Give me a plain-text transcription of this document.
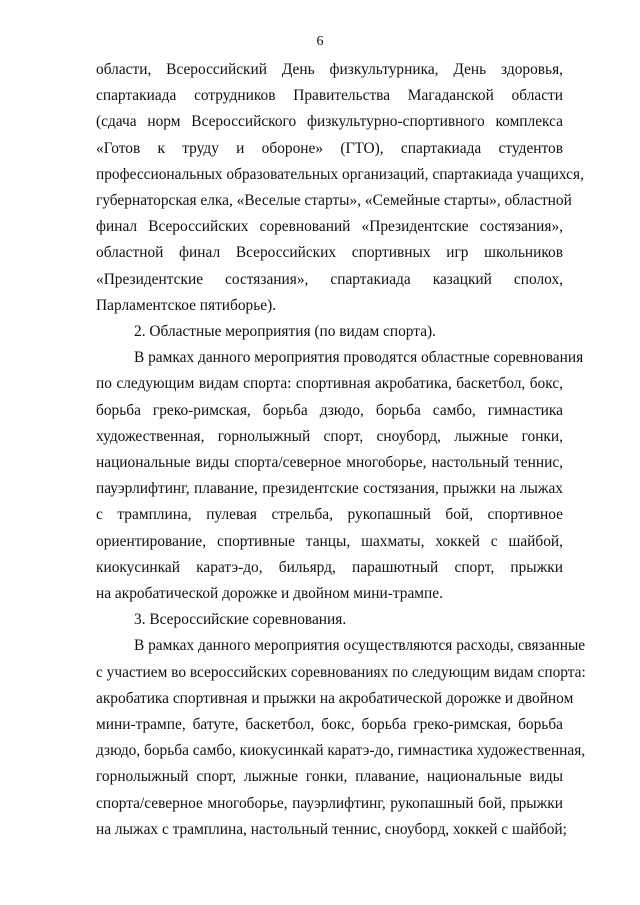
6
области, Всероссийский День физкультурника, День здоровья,
спартакиада сотрудников Правительства Магаданской области
(сдача норм Всероссийского физкультурно-спортивного комплекса
«Готов к труду и обороне» (ГТО), спартакиада студентов
профессиональных образовательных организаций, спартакиада учащихся,
губернаторская елка, «Веселые старты», «Семейные старты», областной
финал Всероссийских соревнований «Президентские состязания»,
областной финал Всероссийских спортивных игр школьников
«Президентские состязания», спартакиада казацкий сполох,
Парламентское пятиборье).
2. Областные мероприятия (по видам спорта).
В рамках данного мероприятия проводятся областные соревнования
по следующим видам спорта: спортивная акробатика, баскетбол, бокс,
борьба греко-римская, борьба дзюдо, борьба самбо, гимнастика
художественная, горнолыжный спорт, сноуборд, лыжные гонки,
национальные виды спорта/северное многоборье, настольный теннис,
пауэрлифтинг, плавание, президентские состязания, прыжки на лыжах
с трамплина, пулевая стрельба, рукопашный бой, спортивное
ориентирование, спортивные танцы, шахматы, хоккей с шайбой,
киокусинкай каратэ-до, бильярд, парашютный спорт, прыжки
на акробатической дорожке и двойном мини-трампе.
3. Всероссийские соревнования.
В рамках данного мероприятия осуществляются расходы, связанные
с участием во всероссийских соревнованиях по следующим видам спорта:
акробатика спортивная и прыжки на акробатической дорожке и двойном
мини-трампе, батуте, баскетбол, бокс, борьба греко-римская, борьба
дзюдо, борьба самбо, киокусинкай каратэ-до, гимнастика художественная,
горнолыжный спорт, лыжные гонки, плавание, национальные виды
спорта/северное многоборье, пауэрлифтинг, рукопашный бой, прыжки
на лыжах с трамплина, настольный теннис, сноуборд, хоккей с шайбой;
